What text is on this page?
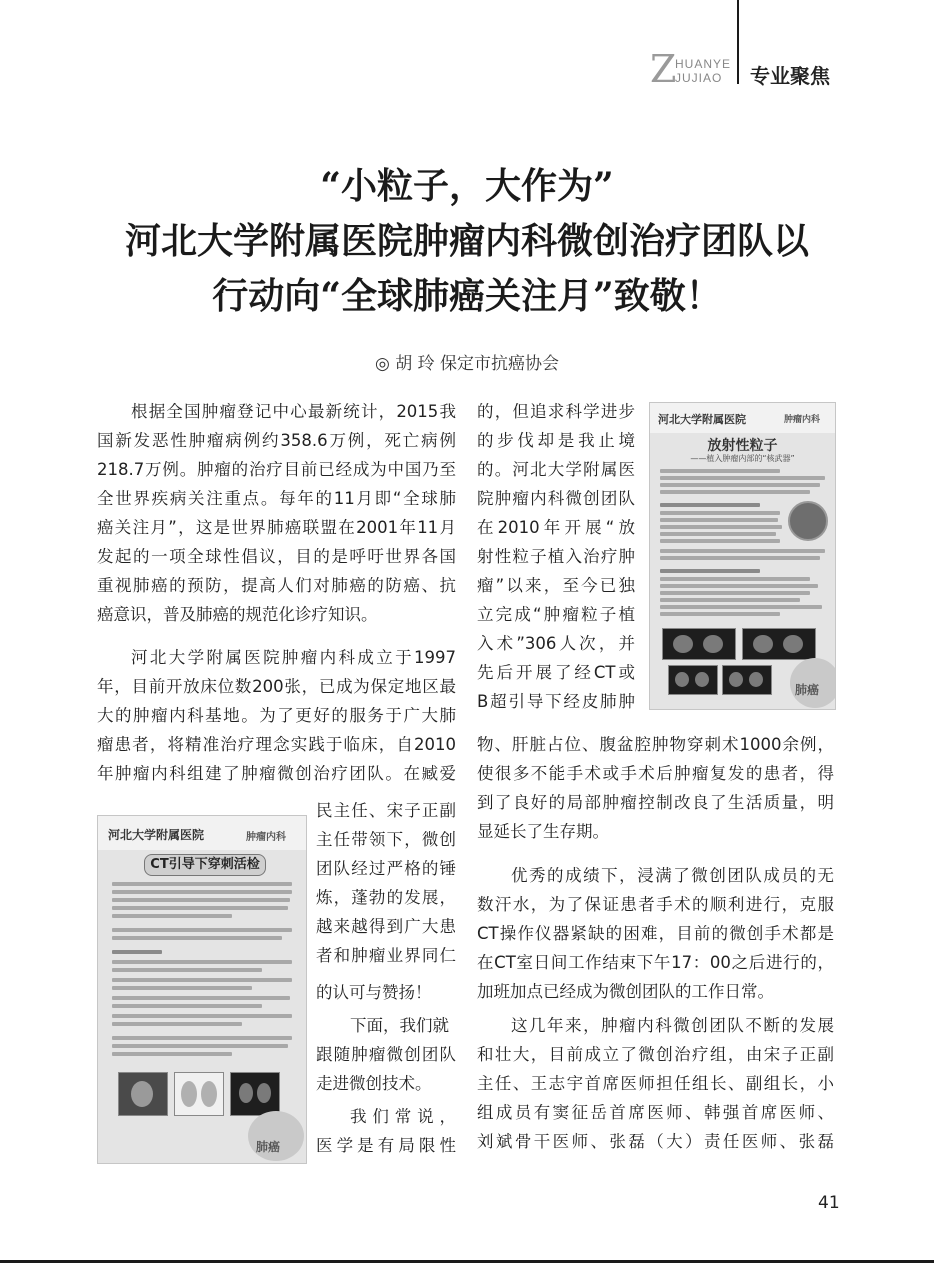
Z
HUANYE
JUJIAO 专业聚焦
“小粒子，大作为”
河北大学附属医院肿瘤内科微创治疗团队以
行动向“全球肺癌关注月”致敬！
◎ 胡 玲 保定市抗癌协会
根据全国肿瘤登记中心最新统计，2015我
国新发恶性肿瘤病例约358.6万例，死亡病例
218.7万例。肿瘤的治疗目前已经成为中国乃至
全世界疾病关注重点。每年的11月即“全球肺
癌关注月”，这是世界肺癌联盟在2001年11月
发起的一项全球性倡议，目的是呼吁世界各国
重视肺癌的预防，提高人们对肺癌的防癌、抗
癌意识，普及肺癌的规范化诊疗知识。
河北大学附属医院肿瘤内科成立于1997
年，目前开放床位数200张，已成为保定地区最
大的肿瘤内科基地。为了更好的服务于广大肺
瘤患者，将精准治疗理念实践于临床，自2010
年肿瘤内科组建了肿瘤微创治疗团队。在臧爱
民主任、宋子正副
主任带领下，微创
团队经过严格的锤
炼，蓬勃的发展，
越来越得到广大患
者和肿瘤业界同仁
的认可与赞扬！
下面，我们就
跟随肿瘤微创团队
走进微创技术。
我 们 常 说 ，
医学是有局限性
的，但追求科学进步
的步伐却是我止境
的。河北大学附属医
院肿瘤内科微创团队
在2010年开展“放
射性粒子植入治疗肿
瘤”以来，至今已独
立完成“肿瘤粒子植
入术”306人次，并
先后开展了经CT或
B超引导下经皮肺肿
物、肝脏占位、腹盆腔肿物穿刺术1000余例，
使很多不能手术或手术后肿瘤复发的患者，得
到了良好的局部肿瘤控制改良了生活质量，明
显延长了生存期。
优秀的成绩下，浸满了微创团队成员的无
数汗水，为了保证患者手术的顺利进行，克服
CT操作仪器紧缺的困难，目前的微创手术都是
在CT室日间工作结束下午17：00之后进行的，
加班加点已经成为微创团队的工作日常。
这几年来，肿瘤内科微创团队不断的发展
和壮大，目前成立了微创治疗组，由宋子正副
主任、王志宇首席医师担任组长、副组长，小
组成员有窦征岳首席医师、韩强首席医师、
刘斌骨干医师、张磊（大）责任医师、张磊
河北大学附属医院	肿瘤内科
放射性粒子
——植入肿瘤内部的“核武器”
肺癌
河北大学附属医院	肿瘤内科
CT引导下穿刺活检
肺癌
41
